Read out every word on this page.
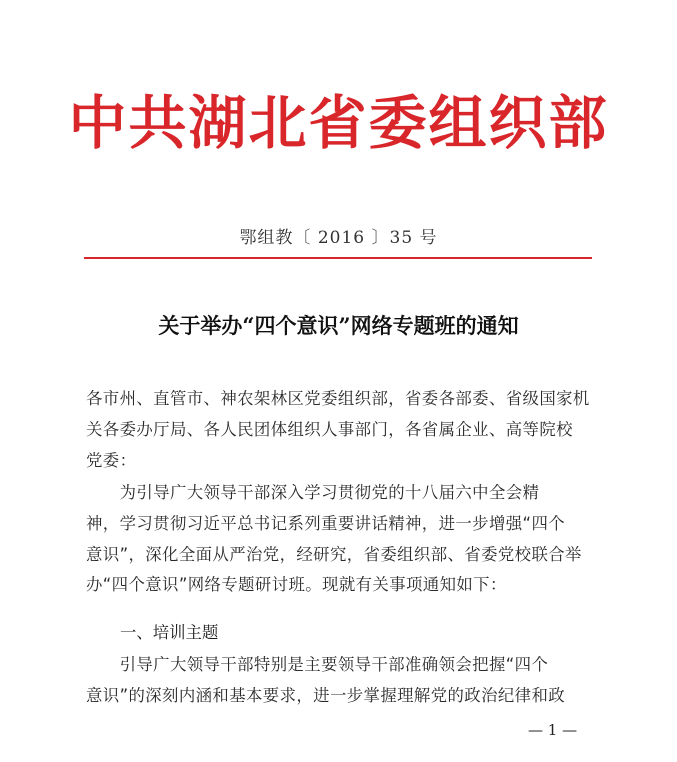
中共湖北省委组织部
鄂组教〔 2016 〕35 号
关于举办“四个意识”网络专题班的通知
各市州、直管市、神农架林区党委组织部，省委各部委、省级国家机
关各委办厅局、各人民团体组织人事部门，各省属企业、高等院校
党委：
　　为引导广大领导干部深入学习贯彻党的十八届六中全会精
神，学习贯彻习近平总书记系列重要讲话精神，进一步增强“四个
意识”，深化全面从严治党，经研究，省委组织部、省委党校联合举
办“四个意识”网络专题研讨班。现就有关事项通知如下：
一、培训主题
　　引导广大领导干部特别是主要领导干部准确领会把握“四个
意识”的深刻内涵和基本要求，进一步掌握理解党的政治纪律和政
— 1 —
